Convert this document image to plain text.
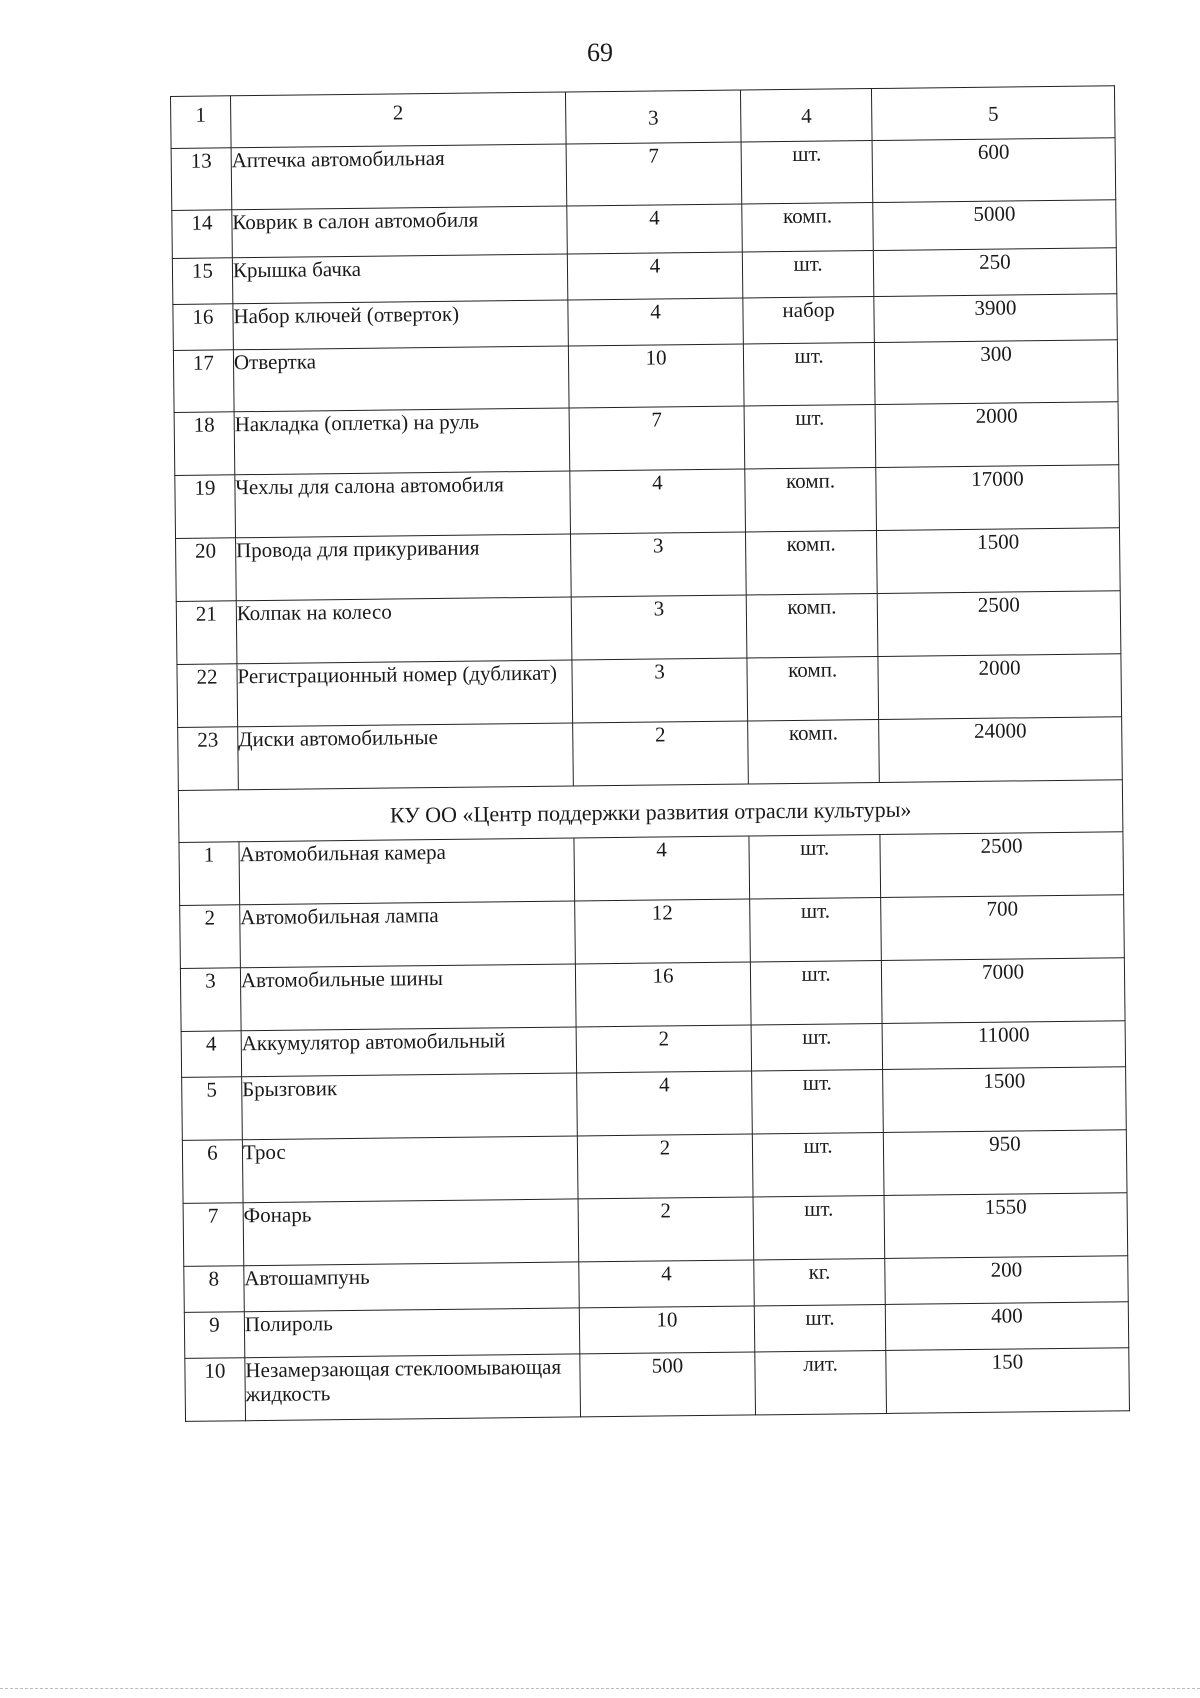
69
1	2	3	4	5
13	Аптечка автомобильная	7	шт.	600
14	Коврик в салон автомобиля	4	комп.	5000
15	Крышка бачка	4	шт.	250
16	Набор ключей (отверток)	4	набор	3900
17	Отвертка	10	шт.	300
18	Накладка (оплетка) на руль	7	шт.	2000
19	Чехлы для салона автомобиля	4	комп.	17000
20	Провода для прикуривания	3	комп.	1500
21	Колпак на колесо	3	комп.	2500
22	Регистрационный номер (дубликат)	3	комп.	2000
23	Диски автомобильные	2	комп.	24000
КУ ОО «Центр поддержки развития отрасли культуры»				
1	Автомобильная камера	4	шт.	2500
2	Автомобильная лампа	12	шт.	700
3	Автомобильные шины	16	шт.	7000
4	Аккумулятор автомобильный	2	шт.	11000
5	Брызговик	4	шт.	1500
6	Трос	2	шт.	950
7	Фонарь	2	шт.	1550
8	Автошампунь	4	кг.	200
9	Полироль	10	шт.	400
10	Незамерзающая стеклоомывающая жидкость	500	лит.	150
